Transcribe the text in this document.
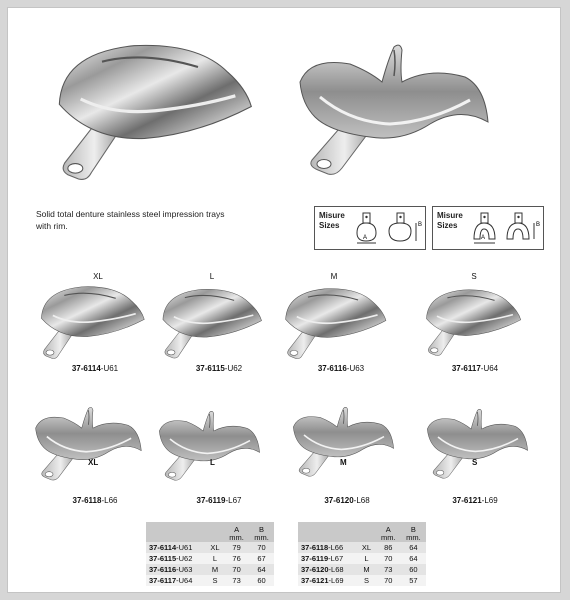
Solid total denture stainless steel impression trays with rim.
Misure
Sizes
A
B
Misure
Sizes
A
B
XL	L	M	S
37-6114-U61	37-6115-U62	37-6116-U63	37-6117-U64
XL	L	M	S
37-6118-L66	37-6119-L67	37-6120-L68	37-6121-L69
		A
mm.	B
mm.
37-6114-U61	XL	79	70
37-6115-U62	L	76	67
37-6116-U63	M	70	64
37-6117-U64	S	73	60
		A
mm.	B
mm.
37-6118-L66	XL	86	64
37-6119-L67	L	70	64
37-6120-L68	M	73	60
37-6121-L69	S	70	57
